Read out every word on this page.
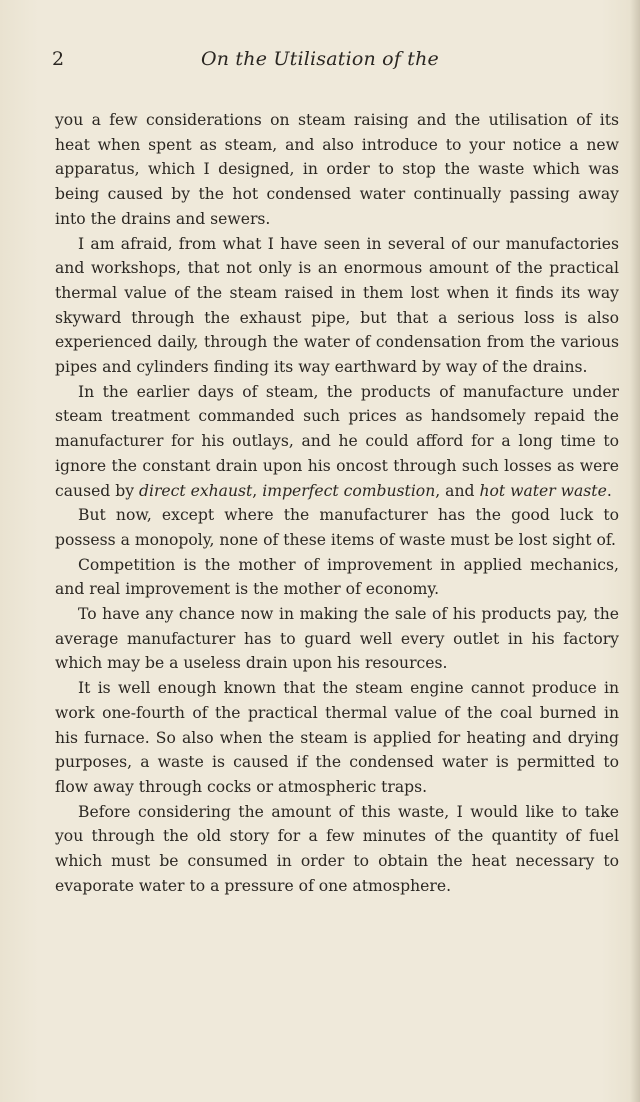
2	On the Utilisation of the

you a few considerations on steam raising and the utilisation of its heat when spent as steam, and also introduce to your notice a new apparatus, which I designed, in order to stop the waste which was being caused by the hot condensed water continually passing away into the drains and sewers.

I am afraid, from what I have seen in several of our manufactories and workshops, that not only is an enormous amount of the practical thermal value of the steam raised in them lost when it finds its way skyward through the exhaust pipe, but that a serious loss is also experienced daily, through the water of condensation from the various pipes and cylinders finding its way earthward by way of the drains.

In the earlier days of steam, the products of manufacture under steam treatment commanded such prices as handsomely repaid the manufacturer for his outlays, and he could afford for a long time to ignore the constant drain upon his oncost through such losses as were caused by direct exhaust, imperfect combustion, and hot water waste.

But now, except where the manufacturer has the good luck to possess a monopoly, none of these items of waste must be lost sight of.

Competition is the mother of improvement in applied mechanics, and real improvement is the mother of economy.

To have any chance now in making the sale of his products pay, the average manufacturer has to guard well every outlet in his factory which may be a useless drain upon his resources.

It is well enough known that the steam engine cannot produce in work one-fourth of the practical thermal value of the coal burned in his furnace. So also when the steam is applied for heating and drying purposes, a waste is caused if the condensed water is permitted to flow away through cocks or atmospheric traps.

Before considering the amount of this waste, I would like to take you through the old story for a few minutes of the quantity of fuel which must be consumed in order to obtain the heat necessary to evaporate water to a pressure of one atmosphere.
